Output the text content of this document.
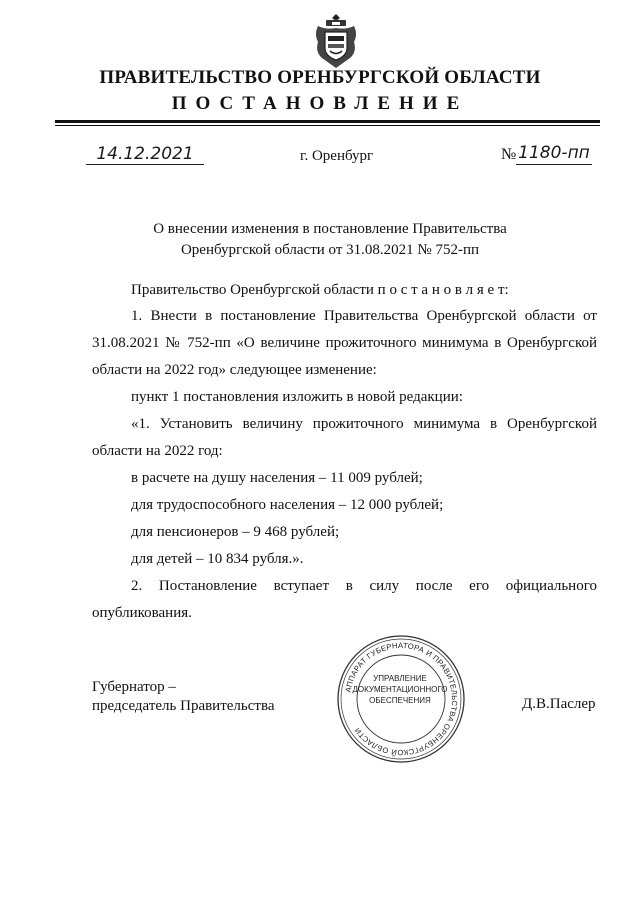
ПРАВИТЕЛЬСТВО ОРЕНБУРГСКОЙ ОБЛАСТИ
ПОСТАНОВЛЕНИЕ
14.12.2021	г. Оренбург	№ 1180-пп
О внесении изменения в постановление Правительства
Оренбургской области от 31.08.2021 № 752-пп
Правительство Оренбургской области п о с т а н о в л я е т:
1. Внести в постановление Правительства Оренбургской области от
31.08.2021 № 752-пп «О величине прожиточного минимума в Оренбургской
области на 2022 год» следующее изменение:
пункт 1 постановления изложить в новой редакции:
«1. Установить величину прожиточного минимума в Оренбургской
области на 2022 год:
в расчете на душу населения – 11 009 рублей;
для трудоспособного населения – 12 000 рублей;
для пенсионеров – 9 468 рублей;
для детей – 10 834 рубля.».
2. Постановление вступает в силу после его официального
опубликования.
Губернатор –
председатель Правительства	Д.В.Паслер
АППАРАТ ГУБЕРНАТОРА И ПРАВИТЕЛЬСТВА ОРЕНБУРГСКОЙ ОБЛАСТИ
УПРАВЛЕНИЕ
ДОКУМЕНТАЦИОННОГО
ОБЕСПЕЧЕНИЯ
